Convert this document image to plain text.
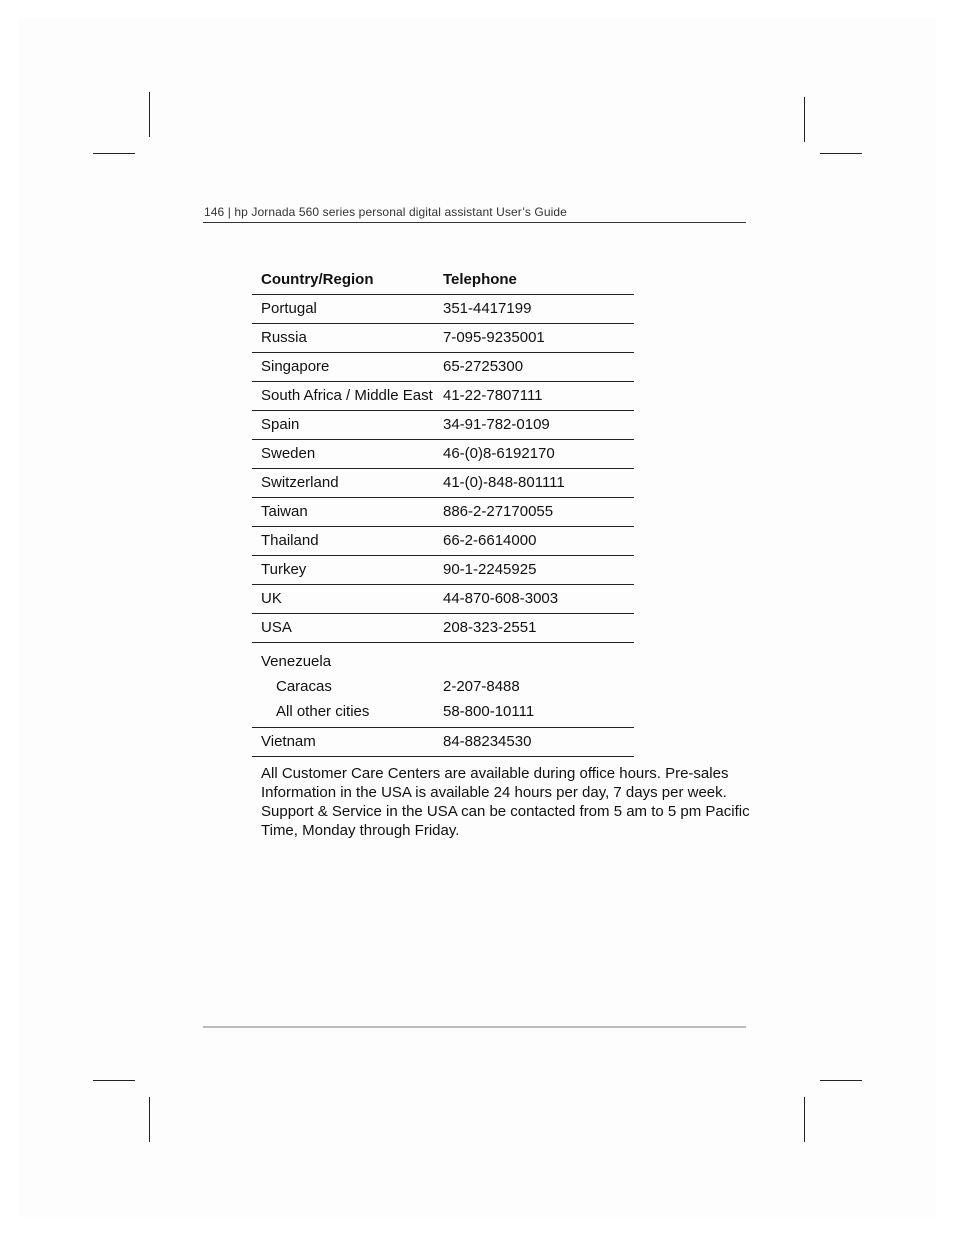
146 | hp Jornada 560 series personal digital assistant User’s Guide
Country/Region	Telephone
Portugal	351-4417199
Russia	7-095-9235001
Singapore	65-2725300
South Africa / Middle East 41-22-7807111
Spain	34-91-782-0109
Sweden	46-(0)8-6192170
Switzerland	41-(0)-848-801111
Taiwan	886-2-27170055
Thailand	66-2-6614000
Turkey	90-1-2245925
UK	44-870-608-3003
USA	208-323-2551
Venezuela
Caracas	2-207-8488
All other cities	58-800-10111
Vietnam	84-88234530
All Customer Care Centers are available during office hours. Pre-sales Information in the USA is available 24 hours per day, 7 days per week. Support & Service in the USA can be contacted from 5 am to 5 pm Pacific Time, Monday through Friday.
